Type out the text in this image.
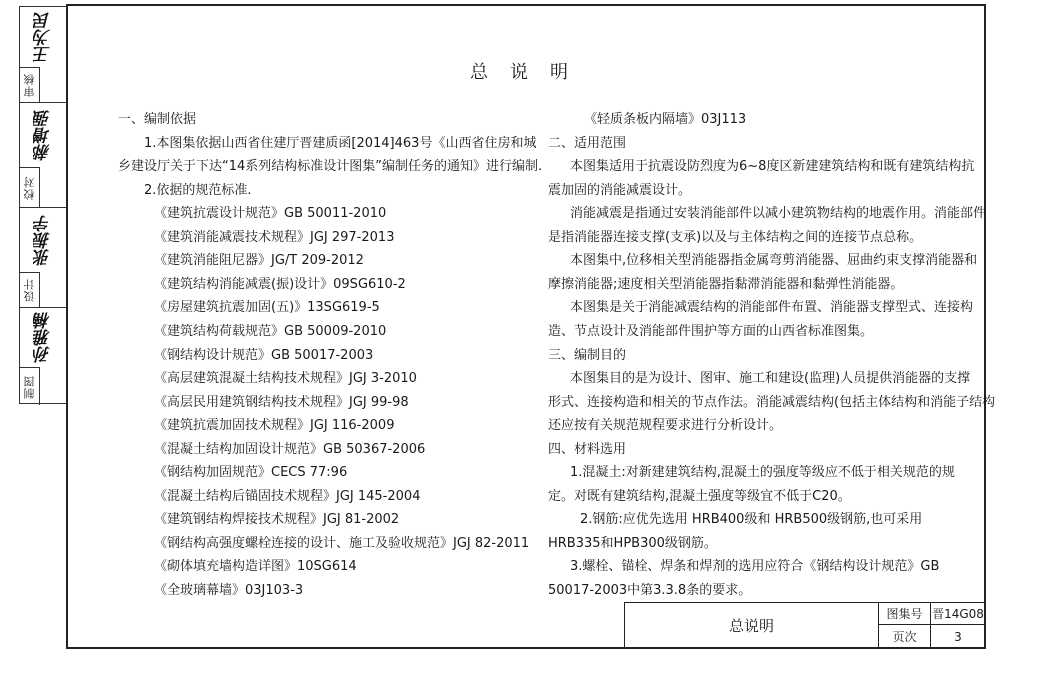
王为民
审核
郝增强
校对
张振宇
设计
孙雅楠
制图
总说明
一、编制依据
1.本图集依据山西省住建厅晋建质函[2014]463号《山西省住房和城
乡建设厅关于下达“14系列结构标准设计图集”编制任务的通知》进行编制.
2.依据的规范标准.
《建筑抗震设计规范》GB 50011-2010
《建筑消能减震技术规程》JGJ 297-2013
《建筑消能阻尼器》JG/T 209-2012
《建筑结构消能减震(振)设计》09SG610-2
《房屋建筑抗震加固(五)》13SG619-5
《建筑结构荷载规范》GB 50009-2010
《钢结构设计规范》GB 50017-2003
《高层建筑混凝土结构技术规程》JGJ 3-2010
《高层民用建筑钢结构技术规程》JGJ 99-98
《建筑抗震加固技术规程》JGJ 116-2009
《混凝土结构加固设计规范》GB 50367-2006
《钢结构加固规范》CECS 77:96
《混凝土结构后锚固技术规程》JGJ 145-2004
《建筑钢结构焊接技术规程》JGJ 81-2002
《钢结构高强度螺栓连接的设计、施工及验收规范》JGJ 82-2011
《砌体填充墙构造详图》10SG614
《全玻璃幕墙》03J103-3
《轻质条板内隔墙》03J113
二、适用范围
本图集适用于抗震设防烈度为6~8度区新建建筑结构和既有建筑结构抗
震加固的消能减震设计。
消能减震是指通过安装消能部件以减小建筑物结构的地震作用。消能部件
是指消能器连接支撑(支承)以及与主体结构之间的连接节点总称。
本图集中,位移相关型消能器指金属弯剪消能器、屈曲约束支撑消能器和
摩擦消能器;速度相关型消能器指黏滞消能器和黏弹性消能器。
本图集是关于消能减震结构的消能部件布置、消能器支撑型式、连接构
造、节点设计及消能部件围护等方面的山西省标准图集。
三、编制目的
本图集目的是为设计、图审、施工和建设(监理)人员提供消能器的支撑
形式、连接构造和相关的节点作法。消能减震结构(包括主体结构和消能子结构
还应按有关规范规程要求进行分析设计。
四、材料选用
1.混凝土:对新建建筑结构,混凝土的强度等级应不低于相关规范的规
定。对既有建筑结构,混凝土强度等级宜不低于C20。
2.钢筋:应优先选用 HRB400级和 HRB500级钢筋,也可采用
HRB335和HPB300级钢筋。
3.螺栓、锚栓、焊条和焊剂的选用应符合《钢结构设计规范》GB
50017-2003中第3.3.8条的要求。
总说明
图集号 晋14G08
页次	3
